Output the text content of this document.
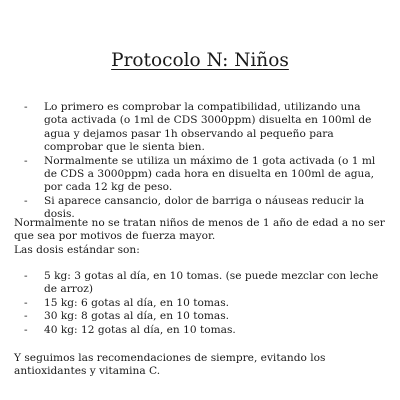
Protocolo N: Niños
- Lo primero es comprobar la compatibilidad, utilizando una gota activada (o 1ml de CDS 3000ppm) disuelta en 100ml de agua y dejamos pasar 1h observando al pequeño para comprobar que le sienta bien.
- Normalmente se utiliza un máximo de 1 gota activada (o 1 ml de CDS a 3000ppm) cada hora en disuelta en 100ml de agua, por cada 12 kg de peso.
- Si aparece cansancio, dolor de barriga o náuseas reducir la dosis.

Normalmente no se tratan niños de menos de 1 año de edad a no ser que sea por motivos de fuerza mayor.

Las dosis estándar son:

- 5 kg: 3 gotas al día, en 10 tomas. (se puede mezclar con leche de arroz)
- 15 kg: 6 gotas al día, en 10 tomas.
- 30 kg: 8 gotas al día, en 10 tomas.
- 40 kg: 12 gotas al día, en 10 tomas.

Y seguimos las recomendaciones de siempre, evitando los antioxidantes y vitamina C.
